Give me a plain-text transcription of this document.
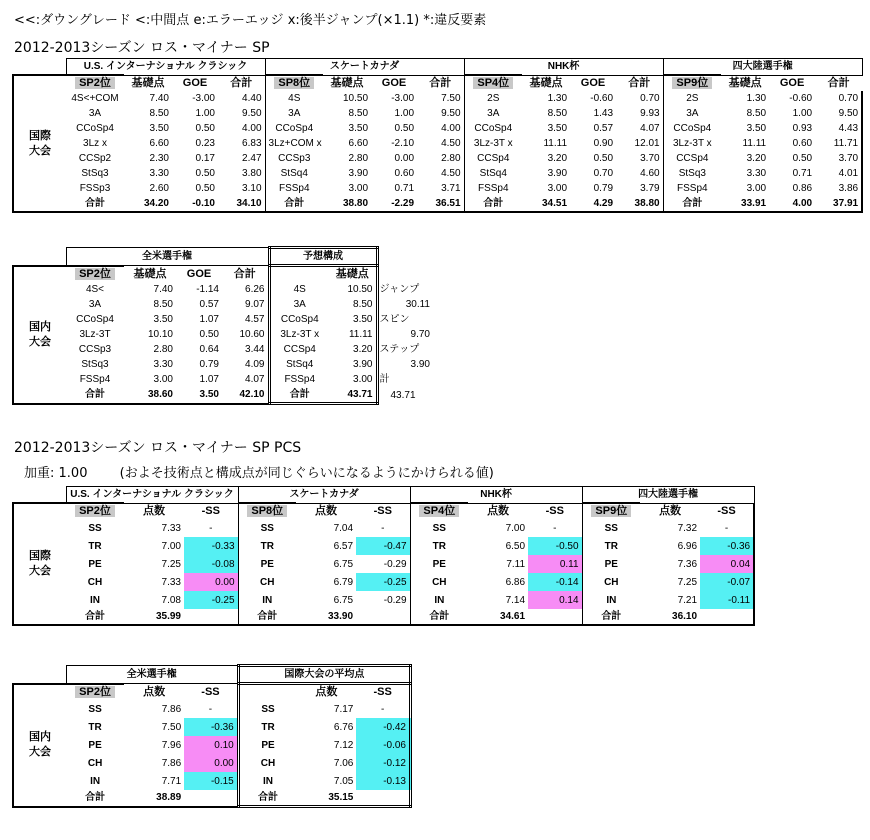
<<:ダウングレード <:中間点 e:エラーエッジ x:後半ジャンプ(×1.1) *:違反要素
2012-2013シーズン ロス・マイナー SP
	U.S. インターナショナル クラシック				スケートカナダ				NHK杯				四大陸選手権			
	SP2位	基礎点	GOE	合計	SP8位	基礎点	GOE	合計	SP4位	基礎点	GOE	合計	SP9位	基礎点	GOE	合計
国際
大会	4S<+COM	7.40	-3.00	4.40	4S	10.50	-3.00	7.50	2S	1.30	-0.60	0.70	2S	1.30	-0.60	0.70
	3A	8.50	1.00	9.50	3A	8.50	1.00	9.50	3A	8.50	1.43	9.93	3A	8.50	1.00	9.50
	CCoSp4	3.50	0.50	4.00	CCoSp4	3.50	0.50	4.00	CCoSp4	3.50	0.57	4.07	CCoSp4	3.50	0.93	4.43
	3Lz x	6.60	0.23	6.83	3Lz+COM x	6.60	-2.10	4.50	3Lz-3T x	11.11	0.90	12.01	3Lz-3T x	11.11	0.60	11.71
	CCSp2	2.30	0.17	2.47	CCSp3	2.80	0.00	2.80	CCSp4	3.20	0.50	3.70	CCSp4	3.20	0.50	3.70
	StSq3	3.30	0.50	3.80	StSq4	3.90	0.60	4.50	StSq4	3.90	0.70	4.60	StSq3	3.30	0.71	4.01
	FSSp3	2.60	0.50	3.10	FSSp4	3.00	0.71	3.71	FSSp4	3.00	0.79	3.79	FSSp4	3.00	0.86	3.86
	合計	34.20	-0.10	34.10	合計	38.80	-2.29	36.51	合計	34.51	4.29	38.80	合計	33.91	4.00	37.91
	全米選手権				予想構成		
	SP2位	基礎点	GOE	合計		基礎点	
国内
大会	4S<	7.40	-1.14	6.26	4S	10.50	ジャンプ

	3A	8.50	0.57	9.07	3A	8.50	30.11

	CCoSp4	3.50	1.07	4.57	CCoSp4	3.50	スピン

	3Lz-3T	10.10	0.50	10.60	3Lz-3T x	11.11	9.70

	CCSp3	2.80	0.64	3.44	CCSp4	3.20	ステップ

	StSq3	3.30	0.79	4.09	StSq4	3.90	3.90

	FSSp4	3.00	1.07	4.07	FSSp4	3.00	計

	合計	38.60	3.50	42.10	合計	43.71	43.71
2012-2013シーズン ロス・マイナー SP PCS
加重: 1.00 (およそ技術点と構成点が同じぐらいになるようにかけられる値)
	U.S. インターナショナル クラシック			スケートカナダ			NHK杯			四大陸選手権		
	SP2位	点数	-SS	SP8位	点数	-SS	SP4位	点数	-SS	SP9位	点数	-SS
国際
大会	SS	7.33	-	SS	7.04	-	SS	7.00	-	SS	7.32	-
	TR	7.00	-0.33	TR	6.57	-0.47	TR	6.50	-0.50	TR	6.96	-0.36
	PE	7.25	-0.08	PE	6.75	-0.29	PE	7.11	0.11	PE	7.36	0.04
	CH	7.33	0.00	CH	6.79	-0.25	CH	6.86	-0.14	CH	7.25	-0.07
	IN	7.08	-0.25	IN	6.75	-0.29	IN	7.14	0.14	IN	7.21	-0.11
	合計	35.99		合計	33.90		合計	34.61		合計	36.10	
	全米選手権			国際大会の平均点		
	SP2位	点数	-SS		点数	-SS
国内
大会	SS	7.86	-	SS	7.17	-
	TR	7.50	-0.36	TR	6.76	-0.42
	PE	7.96	0.10	PE	7.12	-0.06
	CH	7.86	0.00	CH	7.06	-0.12
	IN	7.71	-0.15	IN	7.05	-0.13
	合計	38.89		合計	35.15	
